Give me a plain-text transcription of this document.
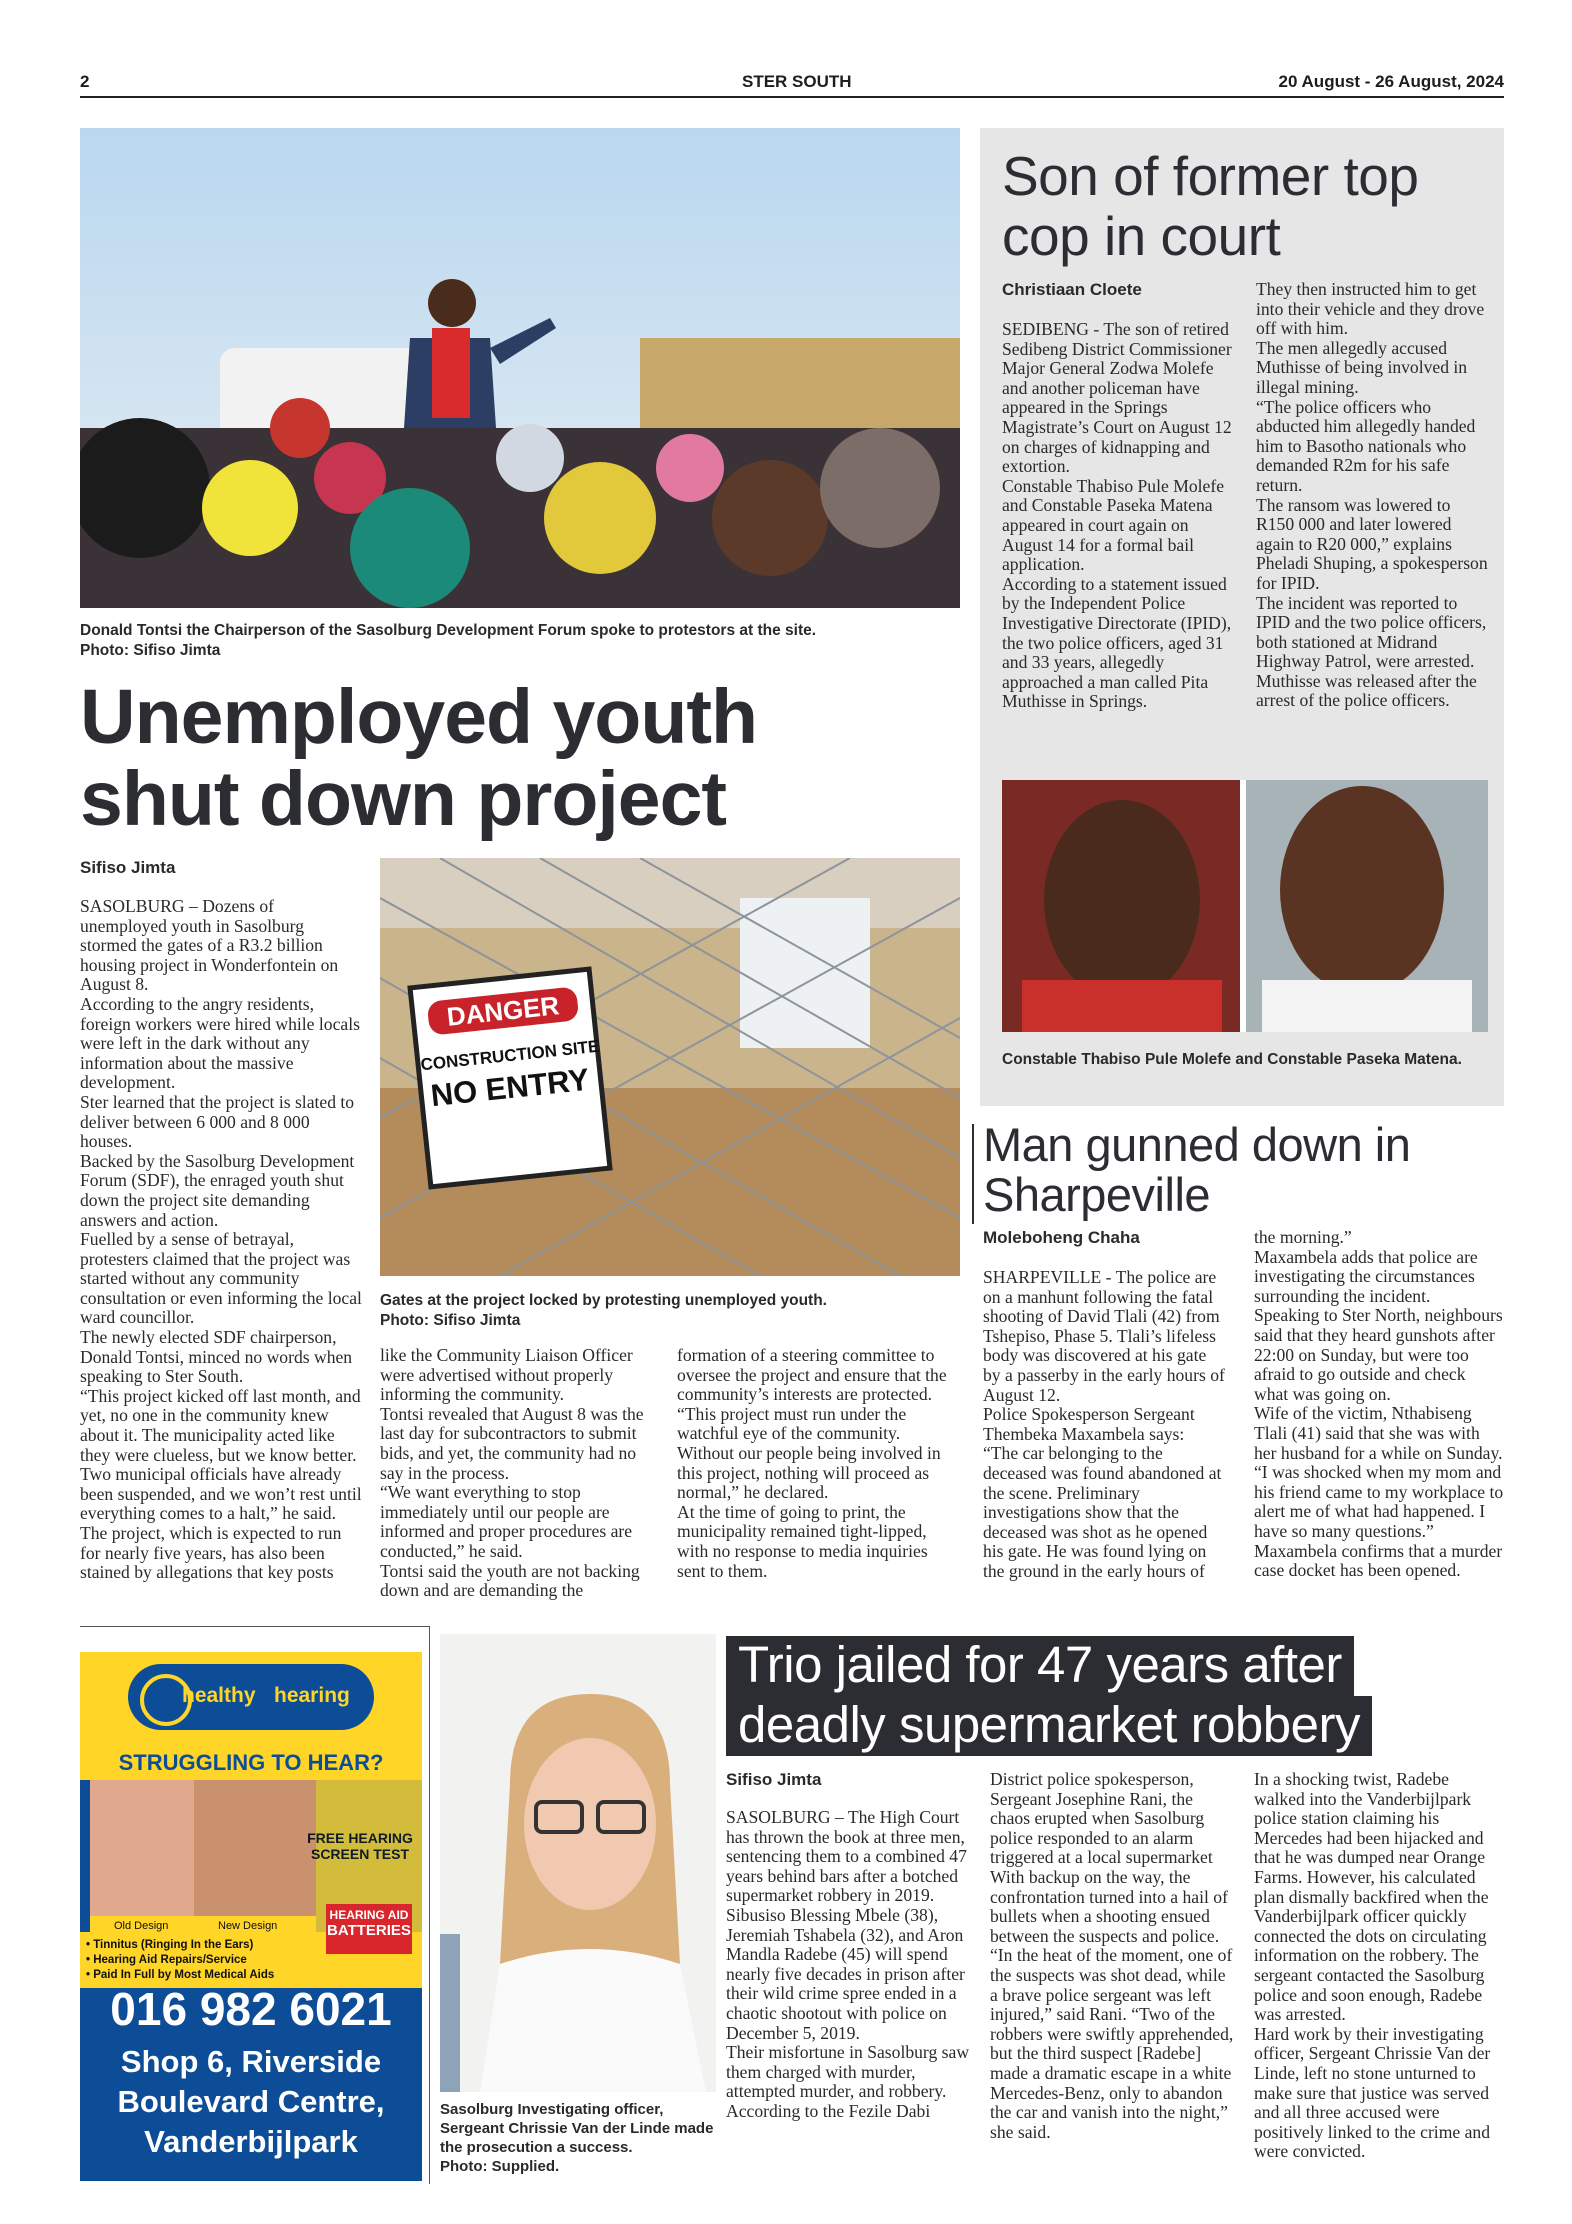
2	STER SOUTH	20 August - 26 August, 2024
Donald Tontsi the Chairperson of the Sasolburg Development Forum spoke to protestors at the site.
Photo: Sifiso Jimta
Unemployed youth
shut down project
Sifiso Jimta
SASOLBURG – Dozens of unemployed youth in Sasolburg stormed the gates of a R3.2 billion housing project in Wonderfontein on August 8.
According to the angry residents, foreign workers were hired while locals were left in the dark without any information about the massive development.
Ster learned that the project is slated to deliver between 6 000 and 8 000 houses.
Backed by the Sasolburg Development Forum (SDF), the enraged youth shut down the project site demanding answers and action.
Fuelled by a sense of betrayal, protesters claimed that the project was started without any community consultation or even informing the local ward councillor.
The newly elected SDF chairperson, Donald Tontsi, minced no words when speaking to Ster South.
“This project kicked off last month, and yet, no one in the community knew about it. The municipality acted like they were clueless, but we know better. Two municipal officials have already been suspended, and we won’t rest until everything comes to a halt,” he said.
The project, which is expected to run for nearly five years, has also been stained by allegations that key posts
DANGER
CONSTRUCTION SITE
NO ENTRY
Gates at the project locked by protesting unemployed youth.
Photo: Sifiso Jimta
like the Community Liaison Officer were advertised without properly informing the community.
Tontsi revealed that August 8 was the last day for subcontractors to submit bids, and yet, the community had no say in the process.
“We want everything to stop immediately until our people are informed and proper procedures are conducted,” he said.
Tontsi said the youth are not backing down and are demanding the
formation of a steering committee to oversee the project and ensure that the community’s interests are protected.
“This project must run under the watchful eye of the community. Without our people being involved in this project, nothing will proceed as normal,” he declared.
At the time of going to print, the municipality remained tight-lipped, with no response to media inquiries sent to them.
Son of former top
cop in court
Christiaan Cloete
SEDIBENG - The son of retired Sedibeng District Commissioner Major General Zodwa Molefe and another policeman have appeared in the Springs Magistrate’s Court on August 12 on charges of kidnapping and extortion.
Constable Thabiso Pule Molefe and Constable Paseka Matena appeared in court again on August 14 for a formal bail application.
According to a statement issued by the Independent Police Investigative Directorate (IPID), the two police officers, aged 31 and 33 years, allegedly approached a man called Pita Muthisse in Springs.
They then instructed him to get into their vehicle and they drove off with him.
The men allegedly accused Muthisse of being involved in illegal mining.
“The police officers who abducted him allegedly handed him to Basotho nationals who demanded R2m for his safe return.
The ransom was lowered to R150 000 and later lowered again to R20 000,” explains Pheladi Shuping, a spokesperson for IPID.
The incident was reported to IPID and the two police officers, both stationed at Midrand Highway Patrol, were arrested.
Muthisse was released after the arrest of the police officers.
Constable Thabiso Pule Molefe and Constable Paseka Matena.
Man gunned down in
Sharpeville
Moleboheng Chaha
SHARPEVILLE - The police are on a manhunt following the fatal shooting of David Tlali (42) from Tshepiso, Phase 5. Tlali’s lifeless body was discovered at his gate by a passerby in the early hours of August 12.
Police Spokesperson Sergeant Thembeka Maxambela says:
“The car belonging to the deceased was found abandoned at the scene. Preliminary investigations show that the deceased was shot as he opened his gate. He was found lying on the ground in the early hours of
the morning.”
Maxambela adds that police are investigating the circumstances surrounding the incident.
Speaking to Ster North, neighbours said that they heard gunshots after 22:00 on Sunday, but were too afraid to go outside and check what was going on.
Wife of the victim, Nthabiseng Tlali (41) said that she was with her husband for a while on Sunday. “I was shocked when my mom and his friend came to my workplace to alert me of what had happened. I have so many questions.” Maxambela confirms that a murder case docket has been opened.
healthy hearing
STRUGGLING TO HEAR?
Old Design	New Design
FREE HEARING
SCREEN TEST
HEARING AID
BATTERIES
• Tinnitus (Ringing In the Ears)
• Hearing Aid Repairs/Service
• Paid In Full by Most Medical Aids
016 982 6021
Shop 6, Riverside
Boulevard Centre,
Vanderbijlpark
Sasolburg Investigating officer, Sergeant Chrissie Van der Linde made the prosecution a success.
Photo: Supplied.
Trio jailed for 47 years after
deadly supermarket robbery
Sifiso Jimta
SASOLBURG – The High Court has thrown the book at three men, sentencing them to a combined 47 years behind bars after a botched supermarket robbery in 2019.
Sibusiso Blessing Mbele (38), Jeremiah Tshabela (32), and Aron Mandla Radebe (45) will spend nearly five decades in prison after their wild crime spree ended in a chaotic shootout with police on December 5, 2019.
Their misfortune in Sasolburg saw them charged with murder, attempted murder, and robbery.
According to the Fezile Dabi
District police spokesperson, Sergeant Josephine Rani, the chaos erupted when Sasolburg police responded to an alarm triggered at a local supermarket
With backup on the way, the confrontation turned into a hail of bullets when a shooting ensued between the suspects and police. “In the heat of the moment, one of the suspects was shot dead, while a brave police sergeant was left injured,” said Rani. “Two of the robbers were swiftly apprehended, but the third suspect [Radebe] made a dramatic escape in a white Mercedes-Benz, only to abandon the car and vanish into the night,” she said.
In a shocking twist, Radebe walked into the Vanderbijlpark police station claiming his Mercedes had been hijacked and that he was dumped near Orange Farms. However, his calculated plan dismally backfired when the Vanderbijlpark officer quickly connected the dots on circulating information on the robbery. The sergeant contacted the Sasolburg police and soon enough, Radebe was arrested.
Hard work by their investigating officer, Sergeant Chrissie Van der Linde, left no stone unturned to make sure that justice was served and all three accused were positively linked to the crime and were convicted.
